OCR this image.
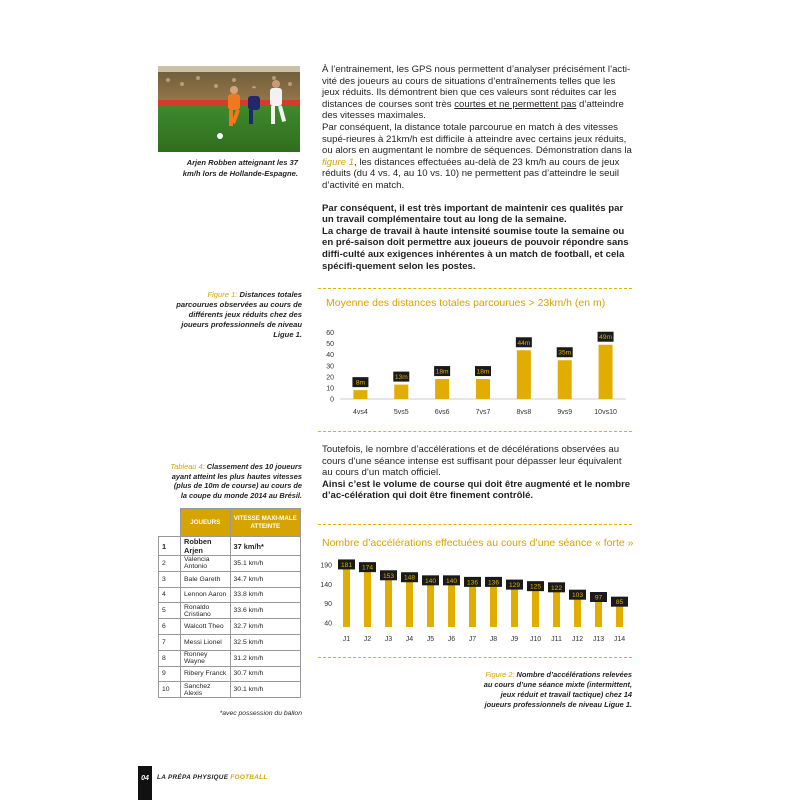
Arjen Robben atteignant les 37 km/h lors de Hollande-Espagne.

À l’entrainement, les GPS nous permettent d’analyser précisément l’acti-vité des joueurs au cours de situations d’entraînements telles que les jeux réduits. Ils démontrent bien que ces valeurs sont réduites car les distances de courses sont très courtes et ne permettent pas d’atteindre des vitesses maximales.

Par conséquent, la distance totale parcourue en match à des vitesses supé-rieures à 21km/h est difficile à atteindre avec certains jeux réduits, ou alors en augmentant le nombre de séquences. Démonstration dans la figure 1, les distances effectuées au-delà de 23 km/h au cours de jeux réduits (du 4 vs. 4, au 10 vs. 10) ne permettent pas d’atteindre le seuil d’activité en match.

Par conséquent, il est très important de maintenir ces qualités par un travail complémentaire tout au long de la semaine.

La charge de travail à haute intensité soumise toute la semaine ou en pré-saison doit permettre aux joueurs de pouvoir répondre sans diffi-culté aux exigences inhérentes à un match de football, et cela spécifi-quement selon les postes.

Figure 1: Distances totales parcourues observées au cours de différents jeux réduits chez des joueurs professionnels de niveau Ligue 1.
Moyenne des distances totales parcourues > 23km/h (en m)
0
10
20
30
40
50
60
8m
4vs4
13m
5vs5
18m
6vs6
18m
7vs7
44m
8vs8
35m
9vs9
49m
10vs10

Toutefois, le nombre d’accélérations et de décélérations observées au cours d’une séance intense est suffisant pour dépasser leur équivalent au cours d’un match officiel.

Ainsi c’est le volume de course qui doit être augmenté et le nombre d’ac-célération qui doit être finement contrôlé.

Tableau 4: Classement des 10 joueurs ayant atteint les plus hautes vitesses (plus de 10m de course) au cours de la coupe du monde 2014 au Brésil.
	JOUEURS	VITESSE MAXI-MALE ATTEINTE
1	Robben Arjen	37 km/h*
2	Valencia Antonio	35.1 km/h
3	Bale Gareth	34.7 km/h
4	Lennon Aaron	33.8 km/h
5	Ronaldo Cristiano	33.6 km/h
6	Walcott Theo	32.7 km/h
7	Messi Lionel	32.5 km/h
8	Ronney Wayne	31.2 km/h
9	Ribery Franck	30.7 km/h
10	Sanchez Alexis	30.1 km/h
*avec possession du ballon
Nombre d’accélérations effectuées au cours d’une séance « forte »
40
90
140
190 181
J1
174
J2
153
J3
148
J4
140
J5
140
J6
136
J7
136
J8
129
J9
125
J10
122
J11
103
J12
97
J13
85
J14
Figure 2: Nombre d’accélérations relevées au cours d’une séance mixte (intermittent, jeux réduit et travail tactique) chez 14 joueurs professionnels de niveau Ligue 1.
04	LA PRÉPA PHYSIQUE FOOTBALL
